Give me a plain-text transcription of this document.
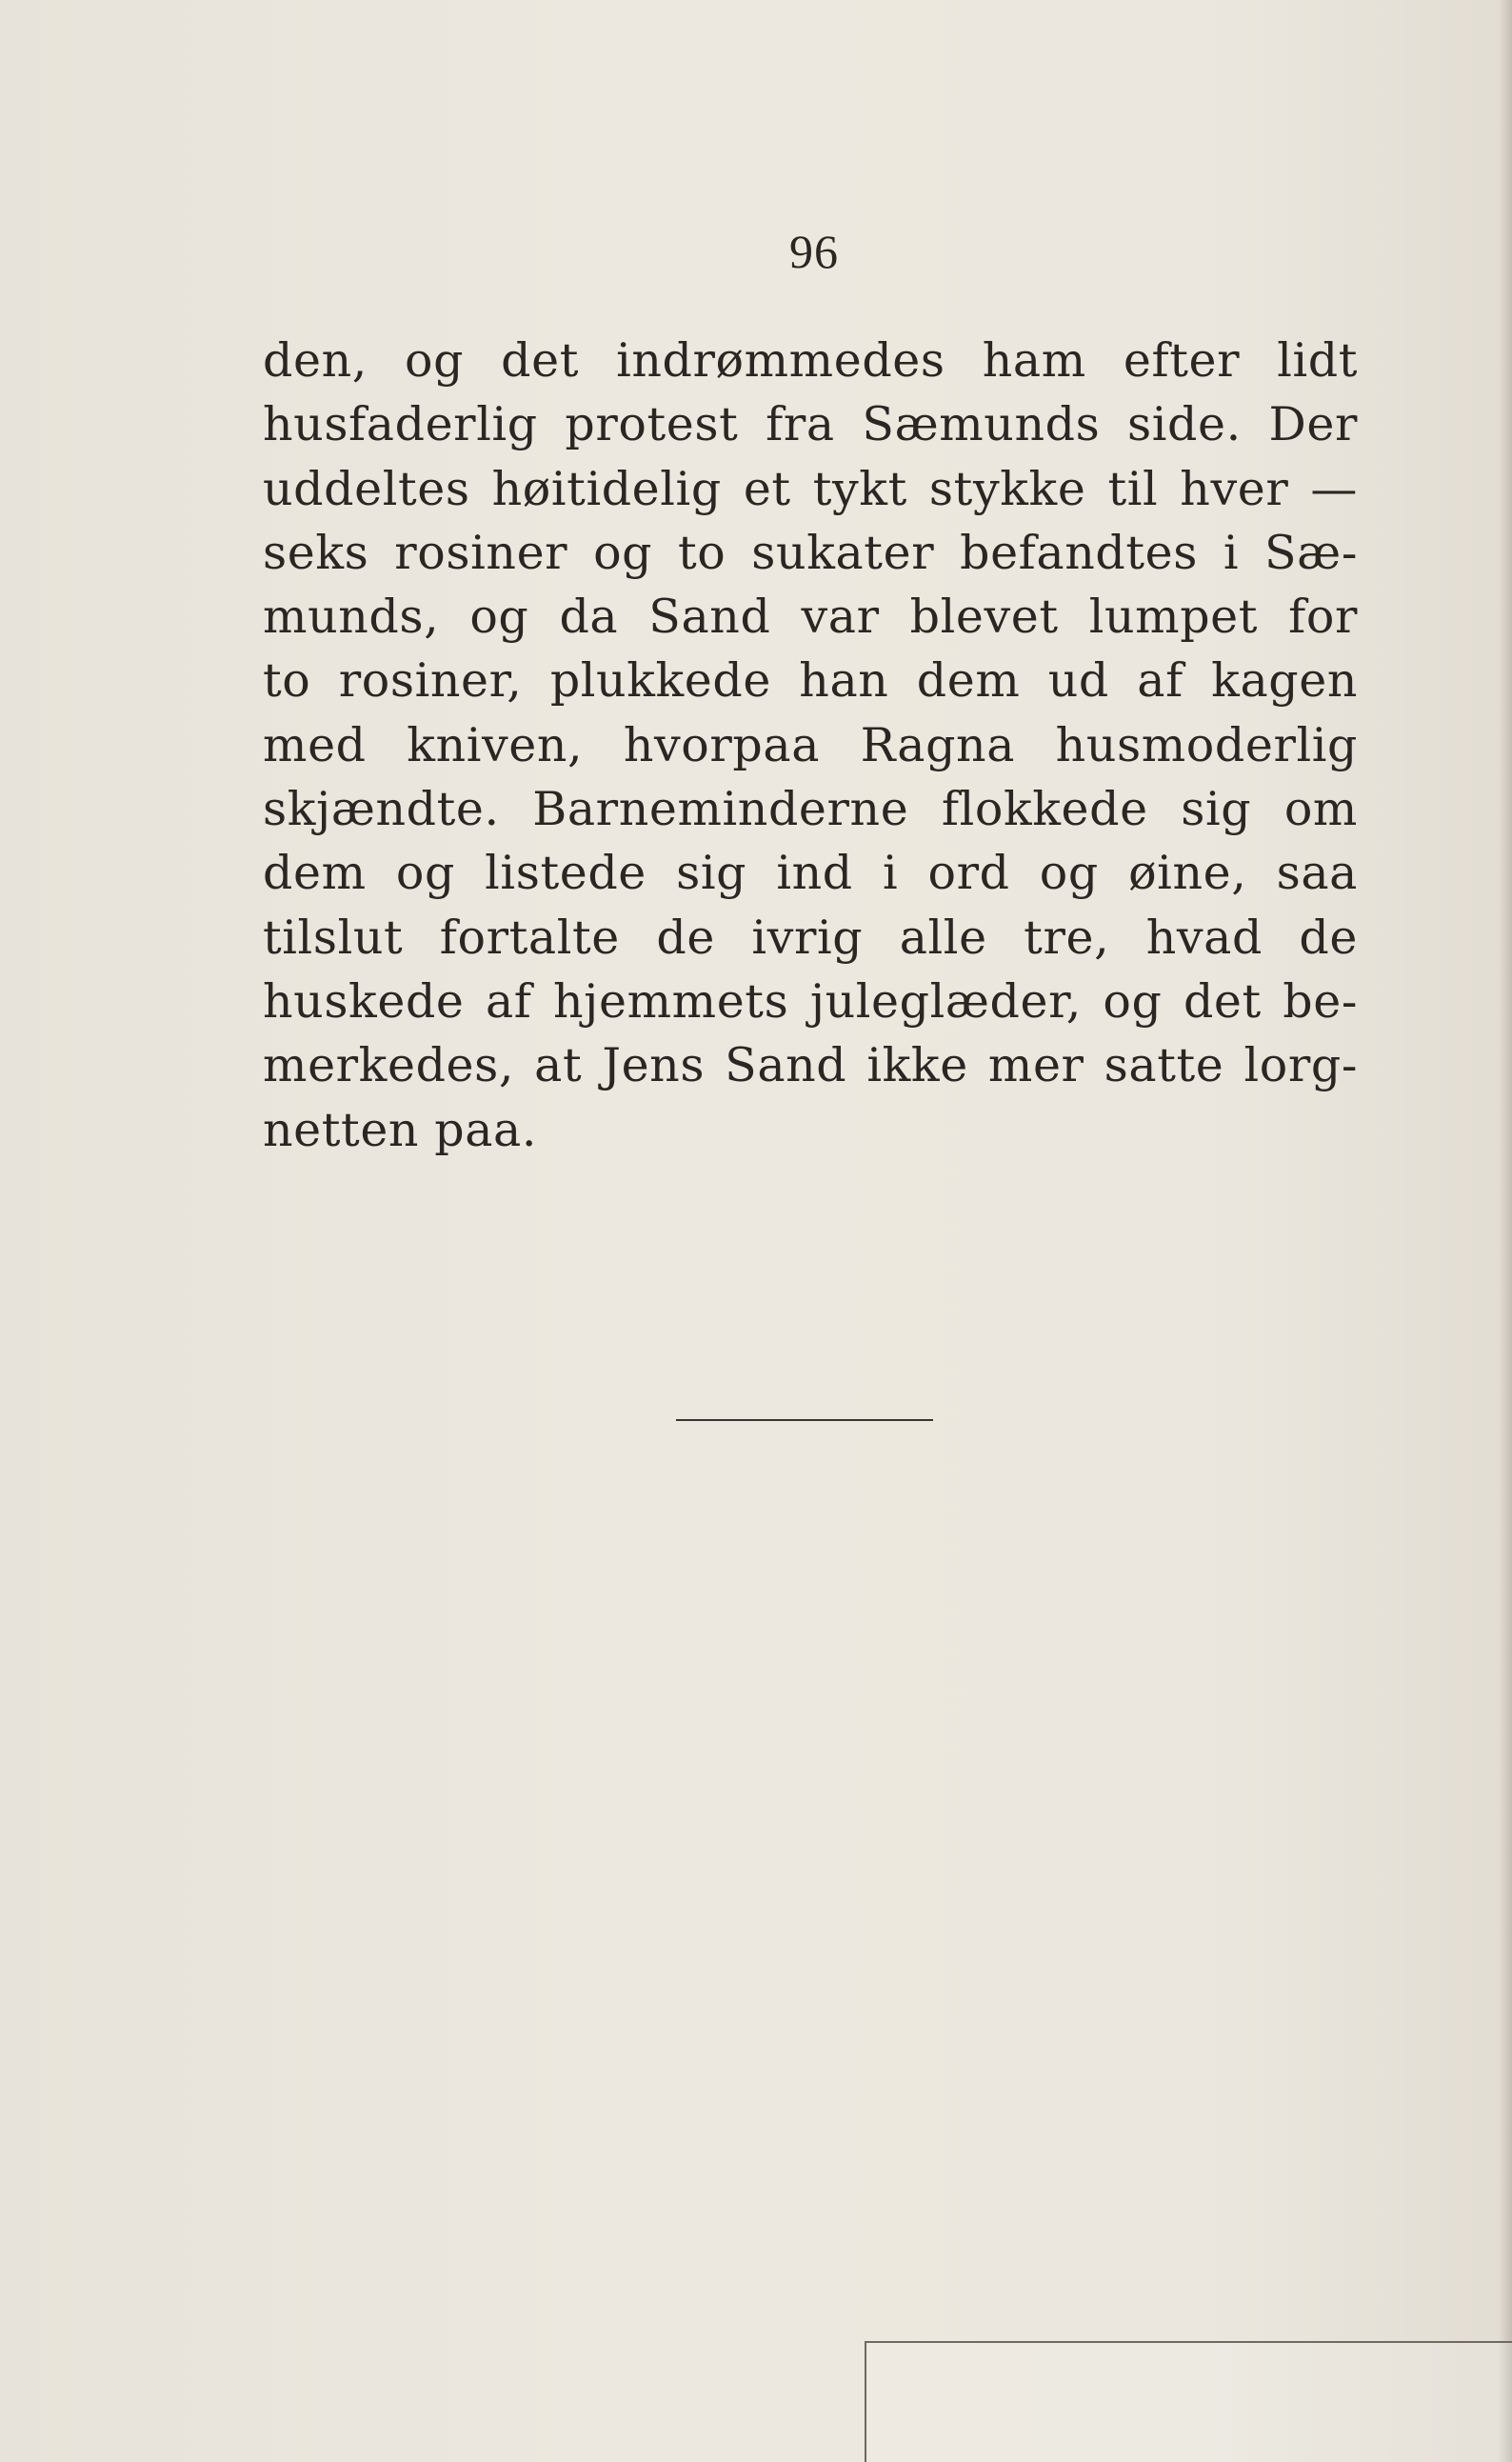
96
den, og det indrømmedes ham efter lidt
husfaderlig protest fra Sæmunds side. Der
uddeltes høitidelig et tykt stykke til hver —
seks rosiner og to sukater befandtes i Sæ-
munds, og da Sand var blevet lumpet for
to rosiner, plukkede han dem ud af kagen
med kniven, hvorpaa Ragna husmoderlig
skjændte. Barneminderne flokkede sig om
dem og listede sig ind i ord og øine, saa
tilslut fortalte de ivrig alle tre, hvad de
huskede af hjemmets juleglæder, og det be-
merkedes, at Jens Sand ikke mer satte lorg-
netten paa.
